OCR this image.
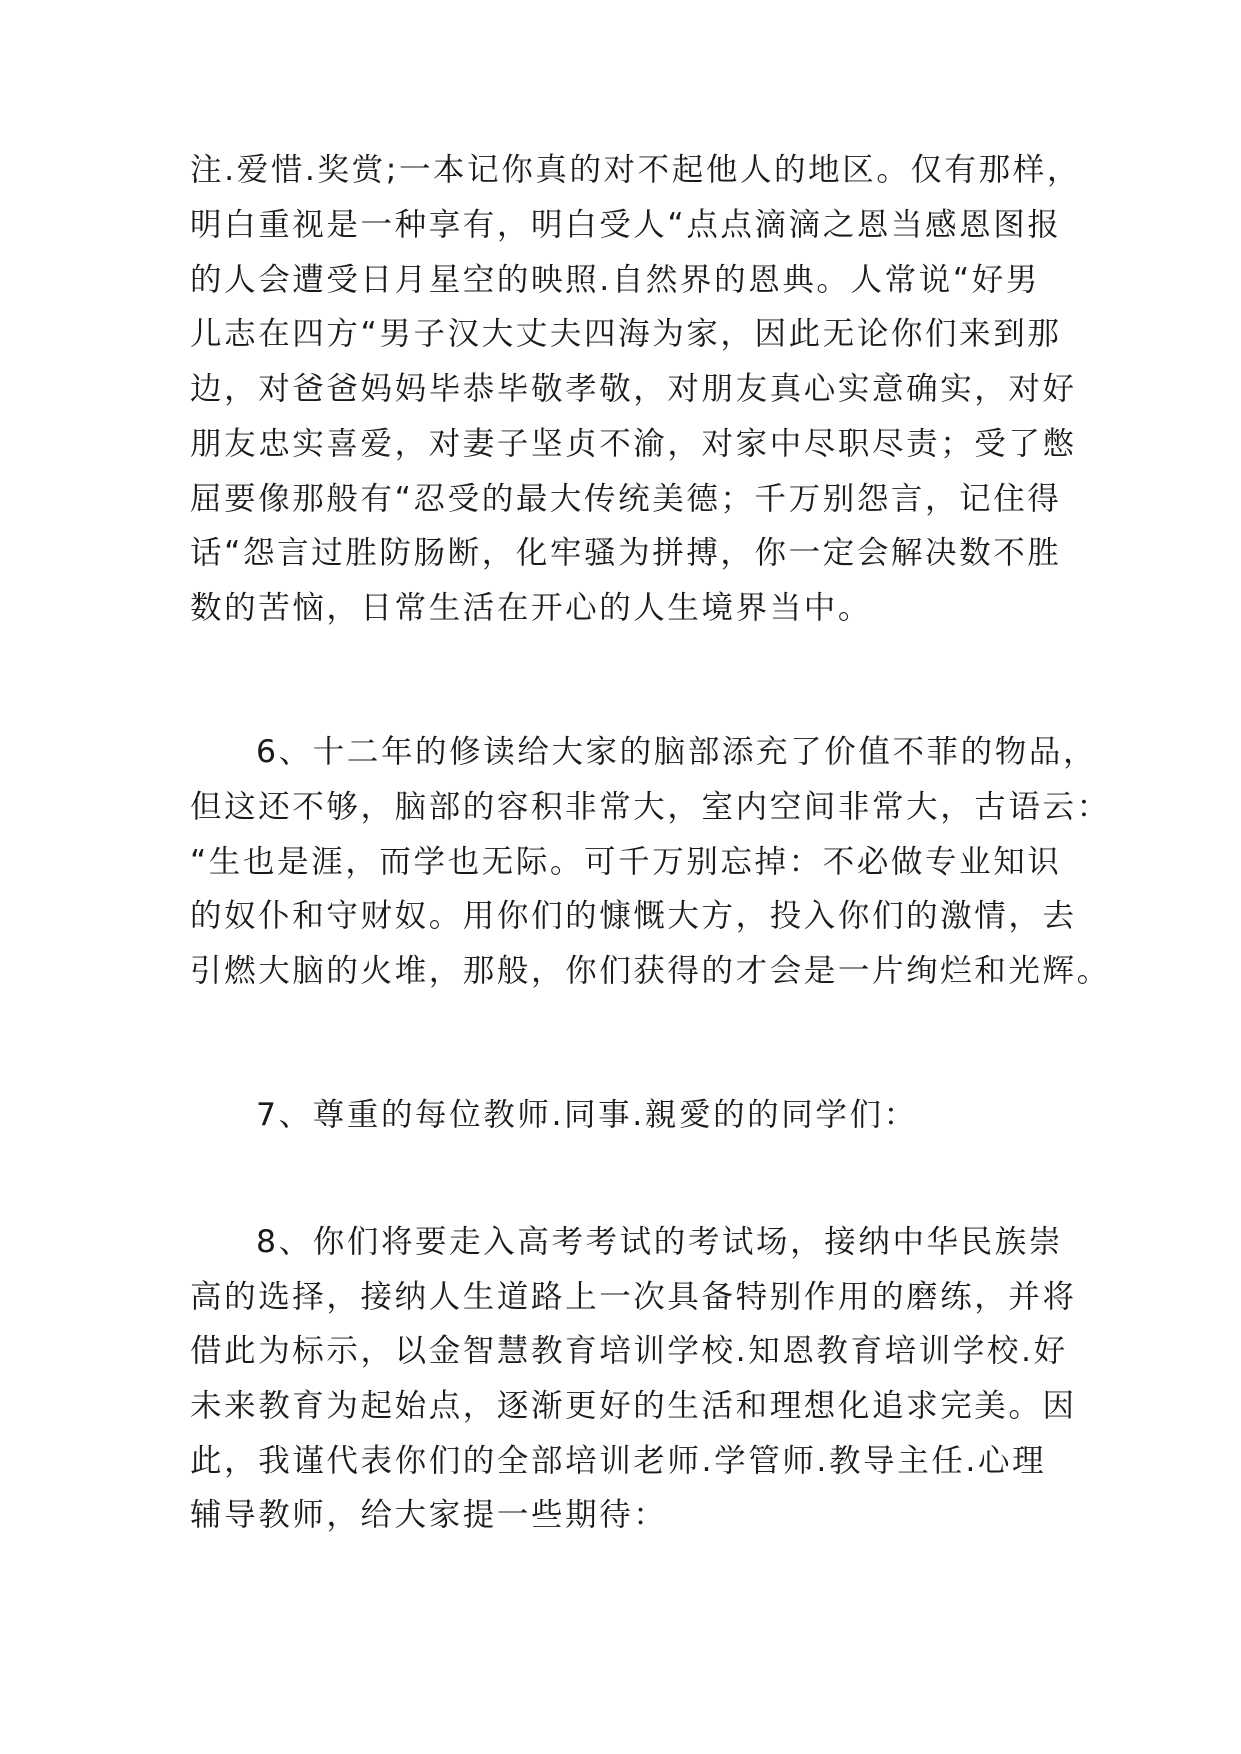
注.爱惜.奖赏;一本记你真的对不起他人的地区。仅有那样，
明白重视是一种享有，明白受人“点点滴滴之恩当感恩图报
的人会遭受日月星空的映照.自然界的恩典。人常说“好男
儿志在四方“男子汉大丈夫四海为家，因此无论你们来到那
边，对爸爸妈妈毕恭毕敬孝敬，对朋友真心实意确实，对好
朋友忠实喜爱，对妻子坚贞不渝，对家中尽职尽责；受了憋
屈要像那般有“忍受的最大传统美德；千万别怨言，记住得
话“怨言过胜防肠断，化牢骚为拼搏，你一定会解决数不胜
数的苦恼，日常生活在开心的人生境界当中。
6、十二年的修读给大家的脑部添充了价值不菲的物品，
但这还不够，脑部的容积非常大，室内空间非常大，古语云：
“生也是涯，而学也无际。可千万别忘掉：不必做专业知识
的奴仆和守财奴。用你们的慷慨大方，投入你们的激情，去
引燃大脑的火堆，那般，你们获得的才会是一片绚烂和光辉。
7、尊重的每位教师.同事.親愛的的同学们：
8、你们将要走入高考考试的考试场，接纳中华民族崇
高的选择，接纳人生道路上一次具备特别作用的磨练，并将
借此为标示，以金智慧教育培训学校.知恩教育培训学校.好
未来教育为起始点，逐渐更好的生活和理想化追求完美。因
此，我谨代表你们的全部培训老师.学管师.教导主任.心理
辅导教师，给大家提一些期待：
